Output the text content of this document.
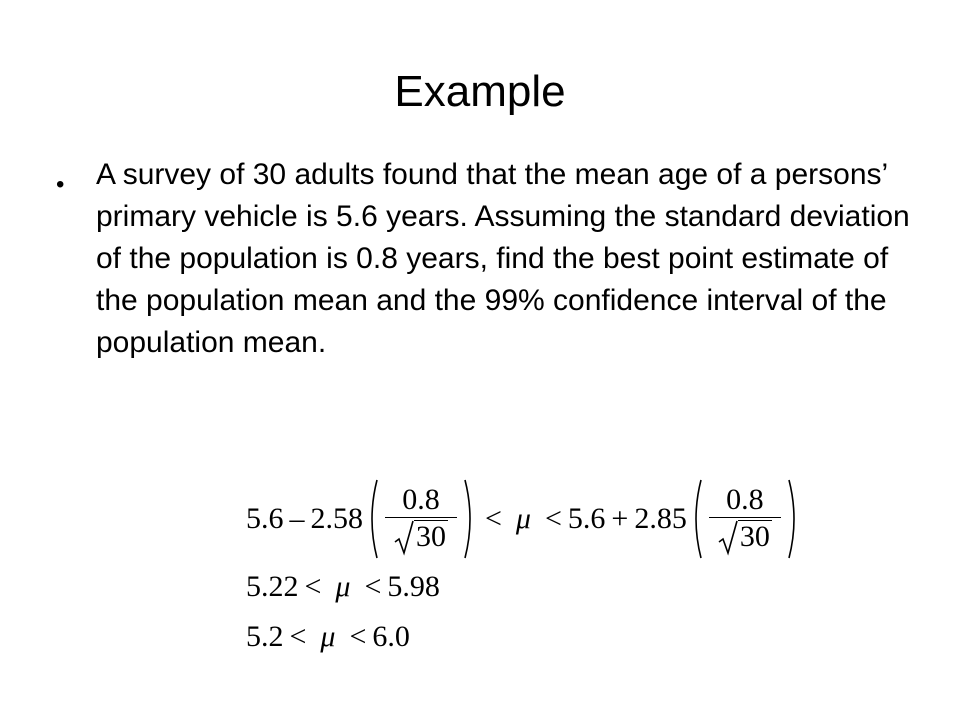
Example
• A survey of 30 adults found that the mean age of a persons’ primary vehicle is 5.6 years. Assuming the standard deviation of the population is 0.8 years, find the best point estimate of the population mean and the 99% confidence interval of the population mean.
$5.6 - 2.58 \frac{0.8}{30} < \mu < 5.6 + 2.85 \frac{0.8}{30}$
5.22 < μ < 5.98
5.2 < μ < 6.0
